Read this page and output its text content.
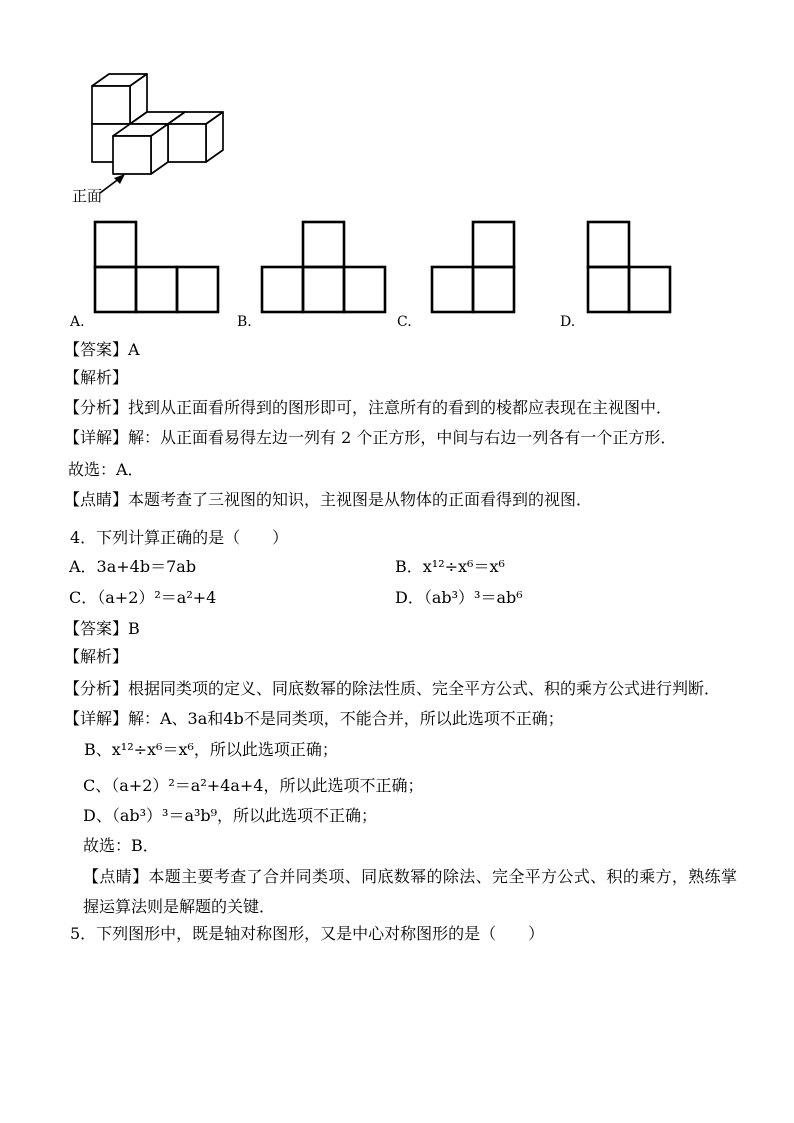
正面
A.	B.	C.	D.
【答案】A
【解析】
【分析】找到从正面看所得到的图形即可，注意所有的看到的棱都应表现在主视图中．
【详解】解：从正面看易得左边一列有 2 个正方形，中间与右边一列各有一个正方形．
故选：A．
【点睛】本题考查了三视图的知识，主视图是从物体的正面看得到的视图．
4．下列计算正确的是（　　）
A．3a+4b＝7ab	B．x¹²÷x⁶＝x⁶
C．（a+2）²＝a²+4	D．（ab³）³＝ab⁶
【答案】B
【解析】
【分析】根据同类项的定义、同底数幂的除法性质、完全平方公式、积的乘方公式进行判断．
【详解】解：A、3a和4b不是同类项，不能合并，所以此选项不正确；
B、x¹²÷x⁶＝x⁶，所以此选项正确；
C、（a+2）²＝a²+4a+4，所以此选项不正确；
D、（ab³）³＝a³b⁹，所以此选项不正确；
故选：B．
【点睛】本题主要考查了合并同类项、同底数幂的除法、完全平方公式、积的乘方，熟练掌握运算法则是解题的关键．
5．下列图形中，既是轴对称图形，又是中心对称图形的是（　　）
